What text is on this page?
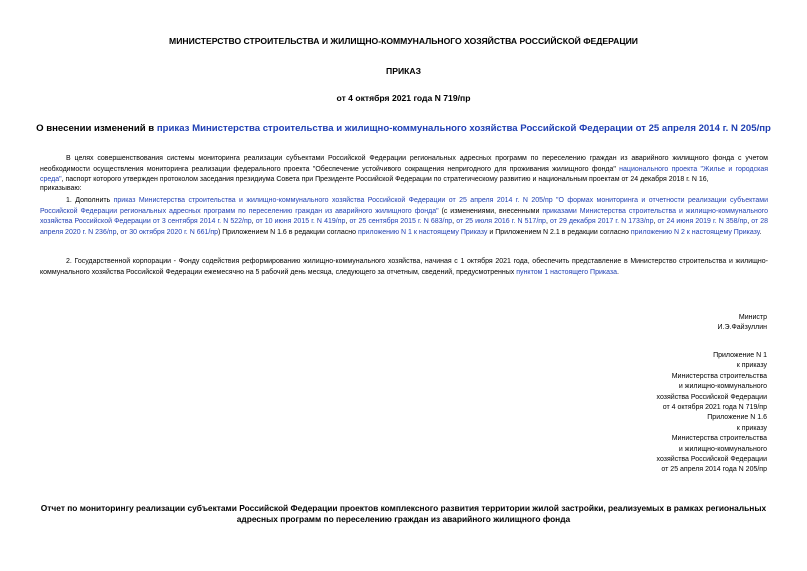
МИНИСТЕРСТВО СТРОИТЕЛЬСТВА И ЖИЛИЩНО-КОММУНАЛЬНОГО ХОЗЯЙСТВА РОССИЙСКОЙ ФЕДЕРАЦИИ
ПРИКАЗ
от 4 октября 2021 года N 719/пр
О внесении изменений в приказ Министерства строительства и жилищно-коммунального хозяйства Российской Федерации от 25 апреля 2014 г. N 205/пр
В целях совершенствования системы мониторинга реализации субъектами Российской Федерации региональных адресных программ по переселению граждан из аварийного жилищного фонда с учетом необходимости осуществления мониторинга реализации федерального проекта "Обеспечение устойчивого сокращения непригодного для проживания жилищного фонда" национального проекта "Жилье и городская среда", паспорт которого утвержден протоколом заседания президиума Совета при Президенте Российской Федерации по стратегическому развитию и национальным проектам от 24 декабря 2018 г. N 16,
приказываю:
1. Дополнить приказ Министерства строительства и жилищно-коммунального хозяйства Российской Федерации от 25 апреля 2014 г. N 205/пр "О формах мониторинга и отчетности реализации субъектами Российской Федерации региональных адресных программ по переселению граждан из аварийного жилищного фонда" (с изменениями, внесенными приказами Министерства строительства и жилищно-коммунального хозяйства Российской Федерации от 3 сентября 2014 г. N 522/пр, от 10 июня 2015 г. N 419/пр, от 25 сентября 2015 г. N 683/пр, от 25 июля 2016 г. N 517/пр, от 29 декабря 2017 г. N 1733/пр, от 24 июня 2019 г. N 358/пр, от 28 апреля 2020 г. N 236/пр, от 30 октября 2020 г. N 661/пр) Приложением N 1.6 в редакции согласно приложению N 1 к настоящему Приказу и Приложением N 2.1 в редакции согласно приложению N 2 к настоящему Приказу.
2. Государственной корпорации - Фонду содействия реформированию жилищно-коммунального хозяйства, начиная с 1 октября 2021 года, обеспечить представление в Министерство строительства и жилищно-коммунального хозяйства Российской Федерации ежемесячно на 5 рабочий день месяца, следующего за отчетным, сведений, предусмотренных пунктом 1 настоящего Приказа.
Министр
И.Э.Файзуллин
Приложение N 1
к приказу
Министерства строительства
и жилищно-коммунального
хозяйства Российской Федерации
от 4 октября 2021 года N 719/пр
Приложение N 1.6
к приказу
Министерства строительства
и жилищно-коммунального
хозяйства Российской Федерации
от 25 апреля 2014 года N 205/пр
Отчет по мониторингу реализации субъектами Российской Федерации проектов комплексного развития территории жилой застройки, реализуемых в рамках региональных адресных программ по переселению граждан из аварийного жилищного фонда
